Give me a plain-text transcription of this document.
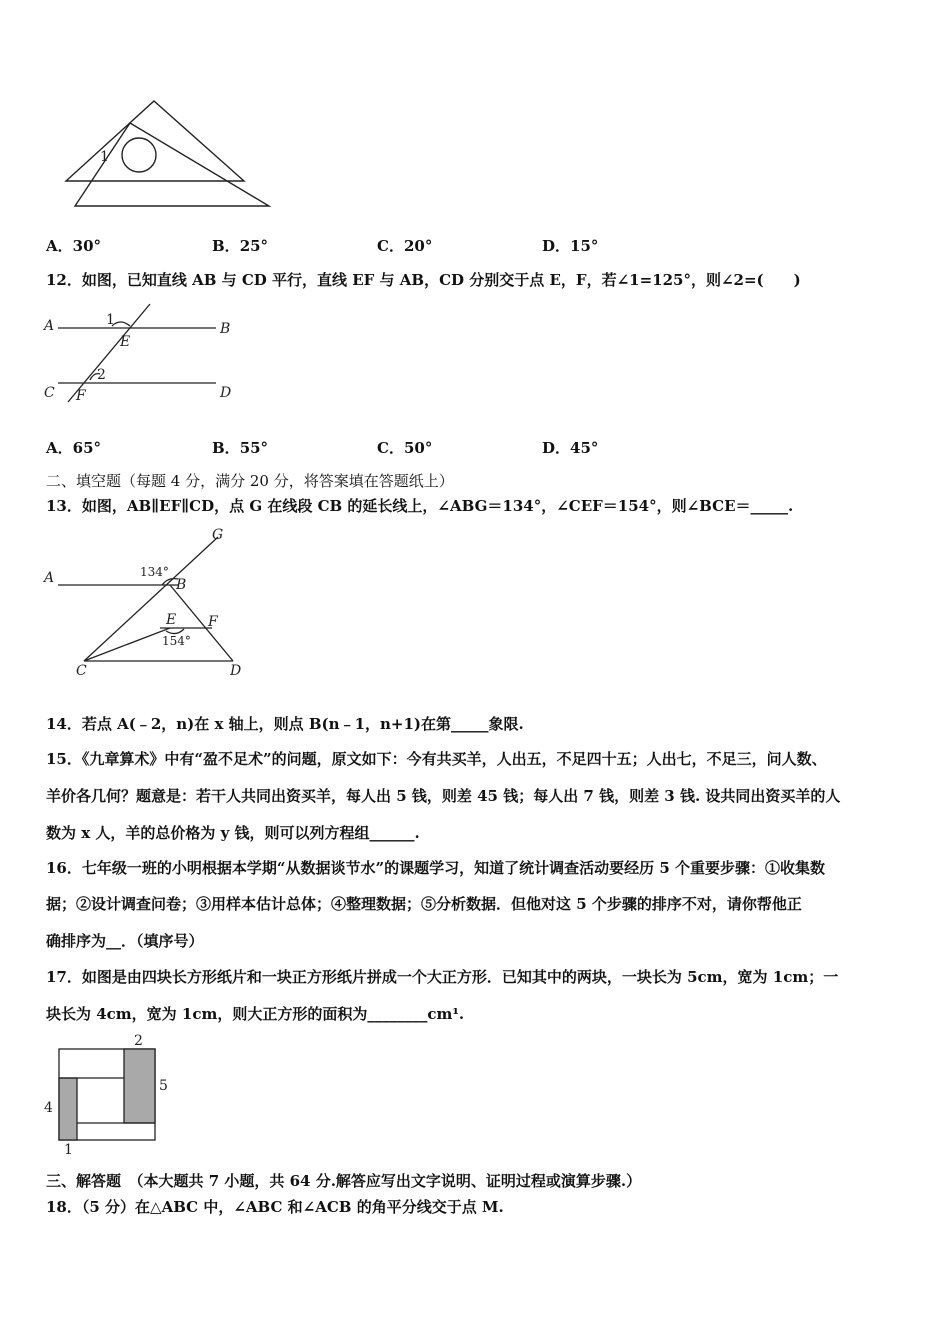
1
A．30°	B．25°	C．20°	D．15°
12．如图，已知直线 AB 与 CD 平行，直线 EF 与 AB，CD 分别交于点 E，F，若∠1=125°，则∠2=(　　)
A	B
C	D
E
F
1
2
A．65°	B．55°	C．50°	D．45°
二、填空题（每题 4 分，满分 20 分，将答案填在答题纸上）
13．如图，AB∥EF∥CD，点 G 在线段 CB 的延长线上，∠ABG＝134°，∠CEF＝154°，则∠BCE＝_____.
A	B
C	D
E F
G
134°
154°
14．若点 A(﹣2，n)在 x 轴上，则点 B(n﹣1，n+1)在第_____象限.
15．《九章算术》中有“盈不足术”的问题，原文如下：今有共买羊，人出五，不足四十五；人出七，不足三，问人数、
羊价各几何？题意是：若干人共同出资买羊，每人出 5 钱，则差 45 钱；每人出 7 钱，则差 3 钱. 设共同出资买羊的人
数为 x 人，羊的总价格为 y 钱，则可以列方程组______.
16．七年级一班的小明根据本学期“从数据谈节水”的课题学习，知道了统计调查活动要经历 5 个重要步骤：①收集数
据；②设计调查问卷；③用样本估计总体；④整理数据；⑤分析数据．但他对这 5 个步骤的排序不对，请你帮他正
确排序为__．（填序号）
17．如图是由四块长方形纸片和一块正方形纸片拼成一个大正方形．已知其中的两块，一块长为 5cm，宽为 1cm；一
块长为 4cm，宽为 1cm，则大正方形的面积为________cm¹.
2
5
4
1
三、解答题　（本大题共 7 小题，共 64 分.解答应写出文字说明、证明过程或演算步骤.）
18．（5 分）在△ABC 中，∠ABC 和∠ACB 的角平分线交于点 M.
